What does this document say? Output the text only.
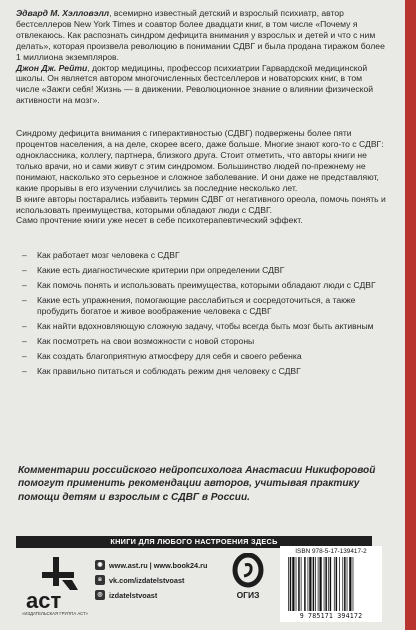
Эдвард М. Хэлловэлл, всемирно известный детский и взрослый психиатр, автор бестселлеров New York Times и соавтор более двадцати книг, в том числе «Почему я отвлекаюсь. Как распознать синдром дефицита внимания у взрослых и детей и что с ним делать», которая произвела революцию в понимании СДВГ и была продана тиражом более 1 миллиона экземпляров.

Джон Дж. Рейти, доктор медицины, профессор психиатрии Гарвардской медицинской школы. Он является автором многочисленных бестселлеров и новаторских книг, в том числе «Зажги себя! Жизнь — в движении. Революционное знание о влиянии физической активности на мозг».

Синдрому дефицита внимания с гиперактивностью (СДВГ) подвержены более пяти процентов населения, а на деле, скорее всего, даже больше. Многие знают кого-то с СДВГ: одноклассника, коллегу, партнера, близкого друга. Стоит отметить, что авторы книги не только врачи, но и сами живут с этим синдромом. Большинство людей по-прежнему не понимают, насколько это серьезное и сложное заболевание. И они даже не представляют, какие прорывы в его изучении случились за последние несколько лет.

В книге авторы постарались избавить термин СДВГ от негативного ореола, помочь понять и использовать преимущества, которыми обладают люди с СДВГ.

Само прочтение книги уже несет в себе психотерапевтический эффект.

– Как работает мозг человека с СДВГ
– Какие есть диагностические критерии при определении СДВГ
– Как помочь понять и использовать преимущества, которыми обладают люди с СДВГ
– Какие есть упражнения, помогающие расслабиться и сосредоточиться, а также пробудить богатое и живое воображение человека с СДВГ
– Как найти вдохновляющую сложную задачу, чтобы всегда быть мозг быть активным
– Как посмотреть на свои возможности с новой стороны
– Как создать благоприятную атмосферу для себя и своего ребенка
– Как правильно питаться и соблюдать режим дня человеку с СДВГ

Комментарии российского нейропсихолога Анастасии Никифоровой помогут применить рекомендации авторов, учитывая практику помощи детям и взрослым с СДВГ в России.

КНИГИ ДЛЯ ЛЮБОГО НАСТРОЕНИЯ ЗДЕСЬ
аст
«ИЗДАТЕЛЬСКАЯ ГРУППА АСТ»
◉ www.ast.ru | www.book24.ru
в vk.com/izdatelstvoast
◎ izdatelstvoast	ОГИЗ
ISBN 978-5-17-139417-2
9 785171 394172
